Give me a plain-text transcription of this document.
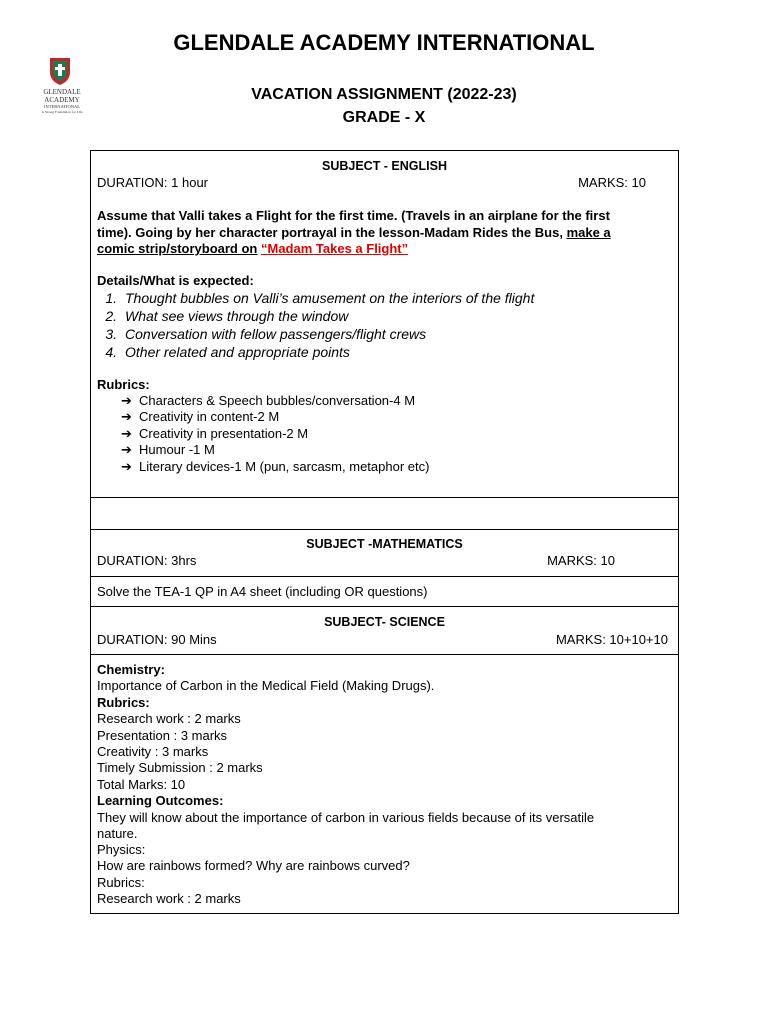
GLENDALE
ACADEMY
INTERNATIONAL
A Strong Foundation for Life
GLENDALE ACADEMY INTERNATIONAL
VACATION ASSIGNMENT (2022-23)
GRADE - X
SUBJECT - ENGLISH
DURATION: 1 hour	MARKS: 10
Assume that Valli takes a Flight for the first time. (Travels in an airplane for the first
time). Going by her character portrayal in the lesson-Madam Rides the Bus, make a
comic strip/storyboard on “Madam Takes a Flight”
Details/What is expected:
1. Thought bubbles on Valli’s amusement on the interiors of the flight
2. What see views through the window
3. Conversation with fellow passengers/flight crews
4. Other related and appropriate points
Rubrics:
➔ Characters & Speech bubbles/conversation-4 M
➔ Creativity in content-2 M
➔ Creativity in presentation-2 M
➔ Humour -1 M
➔ Literary devices-1 M (pun, sarcasm, metaphor etc)
SUBJECT -MATHEMATICS
DURATION: 3hrs	MARKS: 10
Solve the TEA-1 QP in A4 sheet (including OR questions)
SUBJECT- SCIENCE
DURATION: 90 Mins	MARKS: 10+10+10
Chemistry:
Importance of Carbon in the Medical Field (Making Drugs).
Rubrics:
Research work : 2 marks
Presentation : 3 marks
Creativity : 3 marks
Timely Submission : 2 marks
Total Marks: 10
Learning Outcomes:
They will know about the importance of carbon in various fields because of its versatile
nature.
Physics:
How are rainbows formed? Why are rainbows curved?
Rubrics:
Research work : 2 marks
